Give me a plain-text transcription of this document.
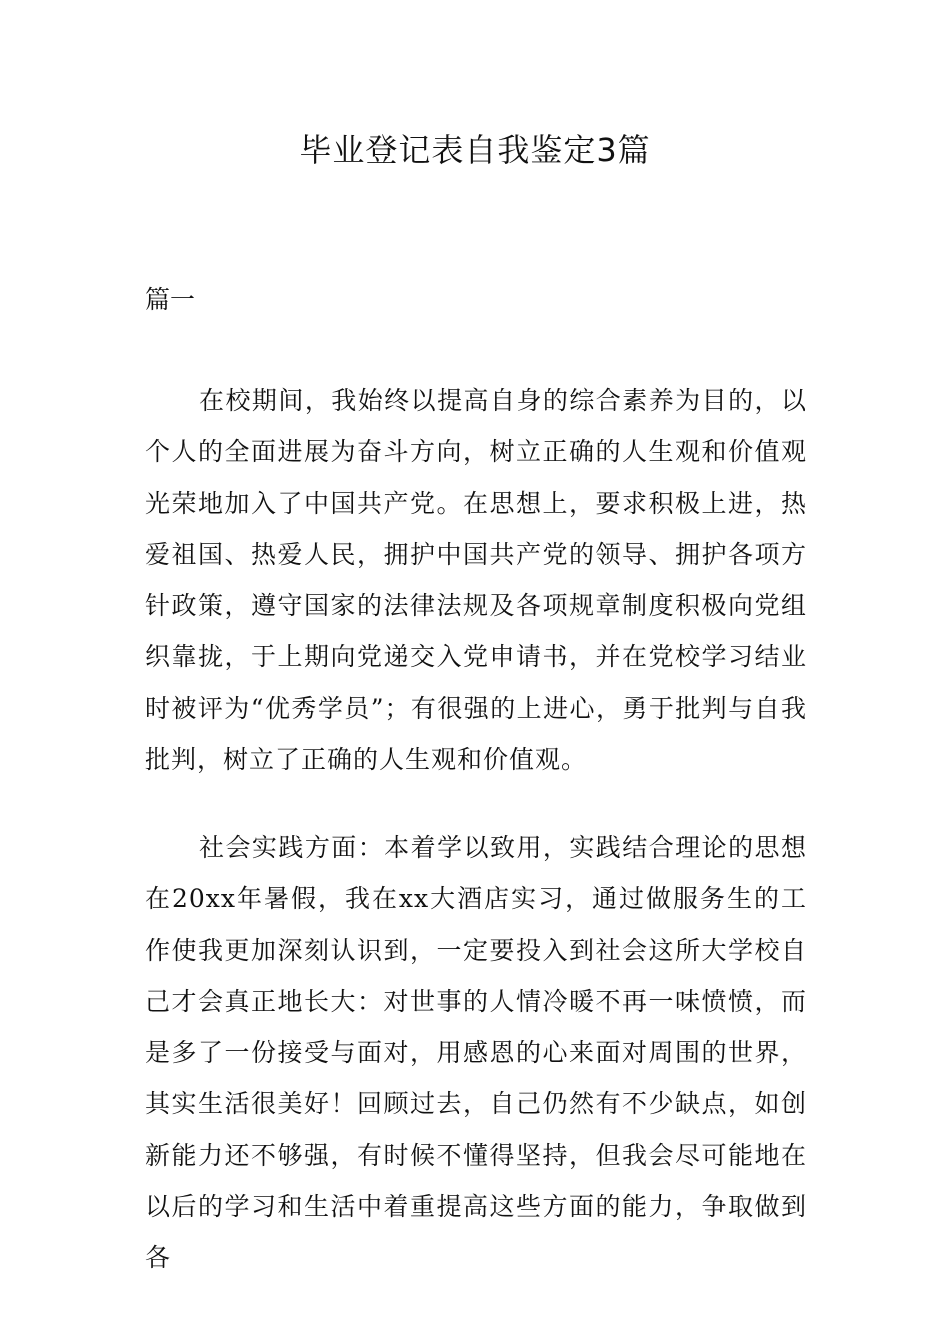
毕业登记表自我鉴定3篇

篇一

在校期间，我始终以提高自身的综合素养为目的，以个人的全面进展为奋斗方向，树立正确的人生观和价值观光荣地加入了中国共产党。在思想上，要求积极上进，热爱祖国、热爱人民，拥护中国共产党的领导、拥护各项方针政策，遵守国家的法律法规及各项规章制度积极向党组织靠拢，于上期向党递交入党申请书，并在党校学习结业时被评为“优秀学员”；有很强的上进心，勇于批判与自我批判，树立了正确的人生观和价值观。

社会实践方面：本着学以致用，实践结合理论的思想在20xx年暑假，我在xx大酒店实习，通过做服务生的工作使我更加深刻认识到，一定要投入到社会这所大学校自己才会真正地长大：对世事的人情冷暖不再一味愤愤，而是多了一份接受与面对，用感恩的心来面对周围的世界，其实生活很美好！回顾过去，自己仍然有不少缺点，如创新能力还不够强，有时候不懂得坚持，但我会尽可能地在以后的学习和生活中着重提高这些方面的能力，争取做到各
